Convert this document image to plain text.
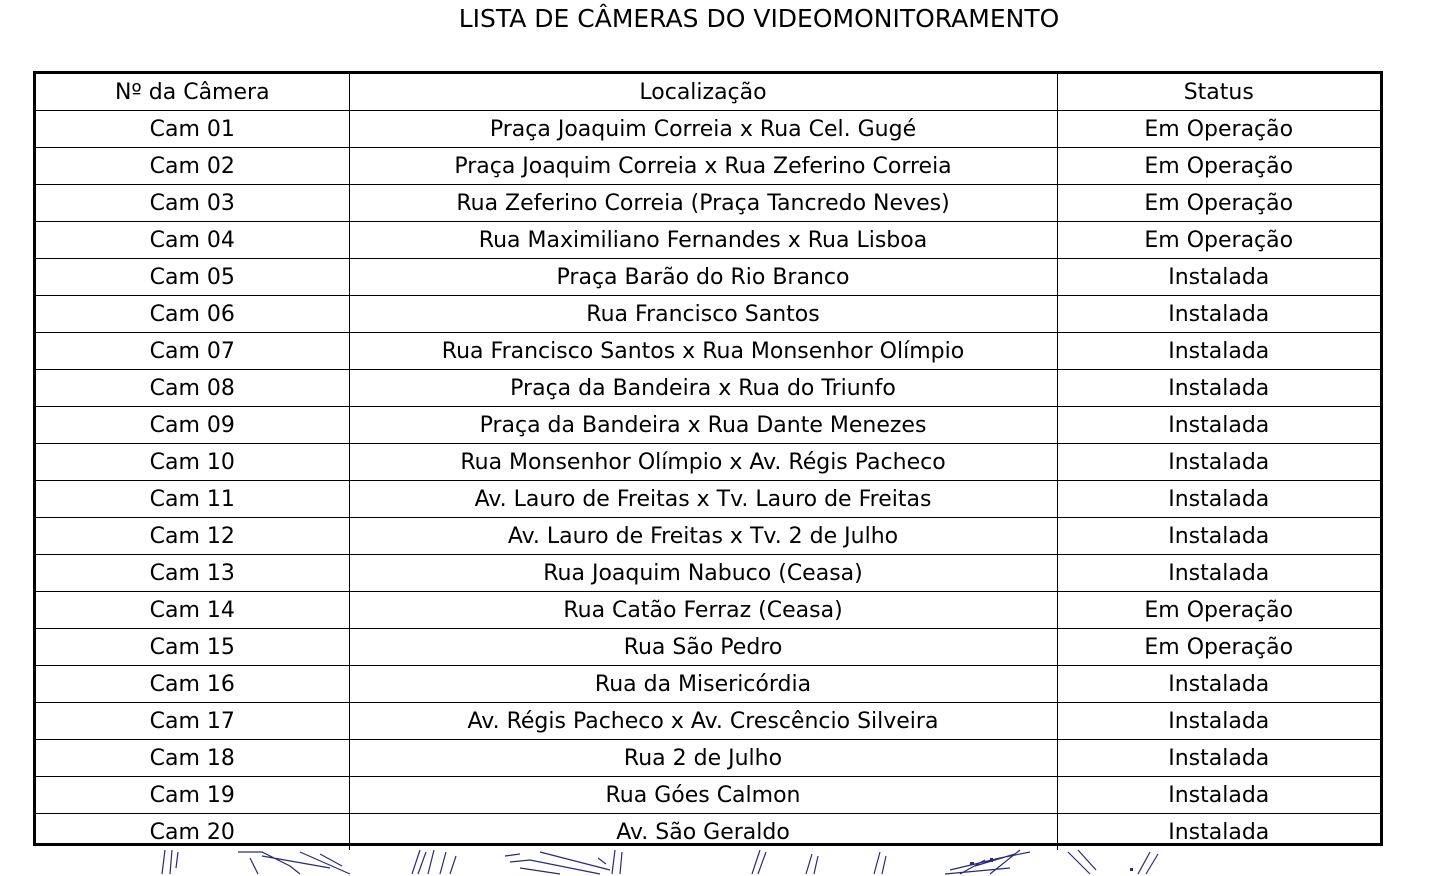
LISTA DE CÂMERAS DO VIDEOMONITORAMENTO
Nº da Câmera	Localização	Status
Cam 01	Praça Joaquim Correia x Rua Cel. Gugé	Em Operação
Cam 02	Praça Joaquim Correia x Rua Zeferino Correia	Em Operação
Cam 03	Rua Zeferino Correia (Praça Tancredo Neves)	Em Operação
Cam 04	Rua Maximiliano Fernandes x Rua Lisboa	Em Operação
Cam 05	Praça Barão do Rio Branco	Instalada
Cam 06	Rua Francisco Santos	Instalada
Cam 07	Rua Francisco Santos x Rua Monsenhor Olímpio	Instalada
Cam 08	Praça da Bandeira x Rua do Triunfo	Instalada
Cam 09	Praça da Bandeira x Rua Dante Menezes	Instalada
Cam 10	Rua Monsenhor Olímpio x Av. Régis Pacheco	Instalada
Cam 11	Av. Lauro de Freitas x Tv. Lauro de Freitas	Instalada
Cam 12	Av. Lauro de Freitas x Tv. 2 de Julho	Instalada
Cam 13	Rua Joaquim Nabuco (Ceasa)	Instalada
Cam 14	Rua Catão Ferraz (Ceasa)	Em Operação
Cam 15	Rua São Pedro	Em Operação
Cam 16	Rua da Misericórdia	Instalada
Cam 17	Av. Régis Pacheco x Av. Crescêncio Silveira	Instalada
Cam 18	Rua 2 de Julho	Instalada
Cam 19	Rua Góes Calmon	Instalada
Cam 20	Av. São Geraldo	Instalada
